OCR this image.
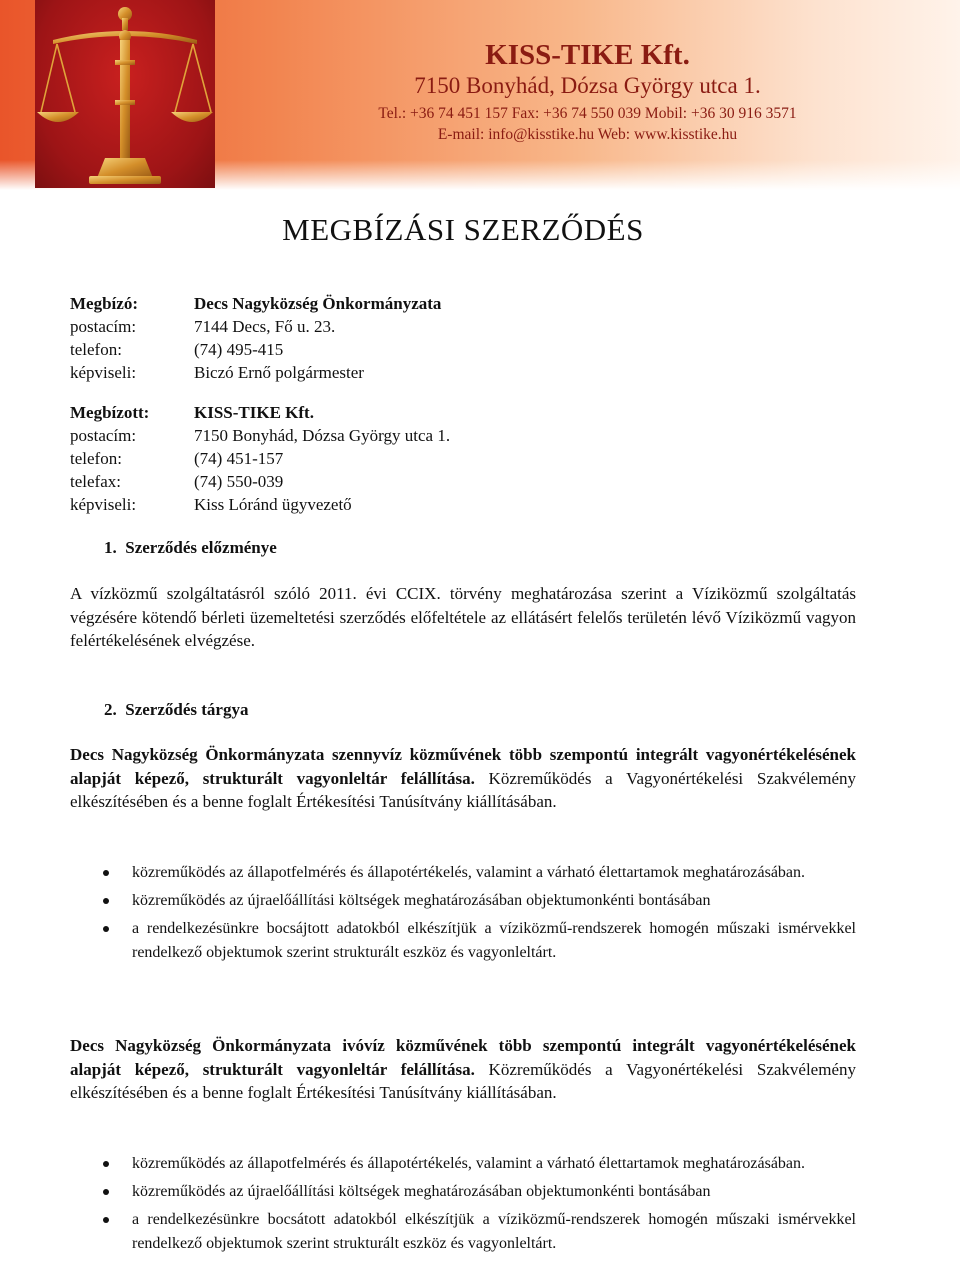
KISS-TIKE Kft.
7150 Bonyhád, Dózsa György utca 1.
Tel.: +36 74 451 157 Fax: +36 74 550 039 Mobil: +36 30 916 3571
E-mail: info@kisstike.hu Web: www.kisstike.hu
MEGBÍZÁSI SZERZŐDÉS
Megbízó:	Decs Nagyközség Önkormányzata
postacím:	7144 Decs, Fő u. 23.
telefon:	(74) 495-415
képviseli:	Biczó Ernő polgármester
Megbízott:	KISS-TIKE Kft.
postacím:	7150 Bonyhád, Dózsa György utca 1.
telefon:	(74) 451-157
telefax:	(74) 550-039
képviseli:	Kiss Lóránd ügyvezető
1.  Szerződés előzménye
A vízközmű szolgáltatásról szóló 2011. évi CCIX. törvény meghatározása szerint a Víziközmű szolgáltatás végzésére kötendő bérleti üzemeltetési szerződés előfeltétele az ellátásért felelős területén lévő Víziközmű vagyon felértékelésének elvégzése.
2.  Szerződés tárgya
Decs Nagyközség Önkormányzata szennyvíz közművének több szempontú integrált vagyonértékelésének alapját képező, strukturált vagyonleltár felállítása. Közreműködés a Vagyonértékelési Szakvélemény elkészítésében és a benne foglalt Értékesítési Tanúsítvány kiállításában.
közreműködés az állapotfelmérés és állapotértékelés, valamint a várható élettartamok meghatározásában.
közreműködés az újraelőállítási költségek meghatározásában objektumonkénti bontásában
a rendelkezésünkre bocsájtott adatokból elkészítjük a víziközmű-rendszerek homogén műszaki ismérvekkel rendelkező objektumok szerint strukturált eszköz és vagyonleltárt.
Decs Nagyközség Önkormányzata ivóvíz közművének több szempontú integrált vagyonértékelésének alapját képező, strukturált vagyonleltár felállítása. Közreműködés a Vagyonértékelési Szakvélemény elkészítésében és a benne foglalt Értékesítési Tanúsítvány kiállításában.
közreműködés az állapotfelmérés és állapotértékelés, valamint a várható élettartamok meghatározásában.
közreműködés az újraelőállítási költségek meghatározásában objektumonkénti bontásában
a rendelkezésünkre bocsátott adatokból elkészítjük a víziközmű-rendszerek homogén műszaki ismérvekkel rendelkező objektumok szerint strukturált eszköz és vagyonleltárt.
